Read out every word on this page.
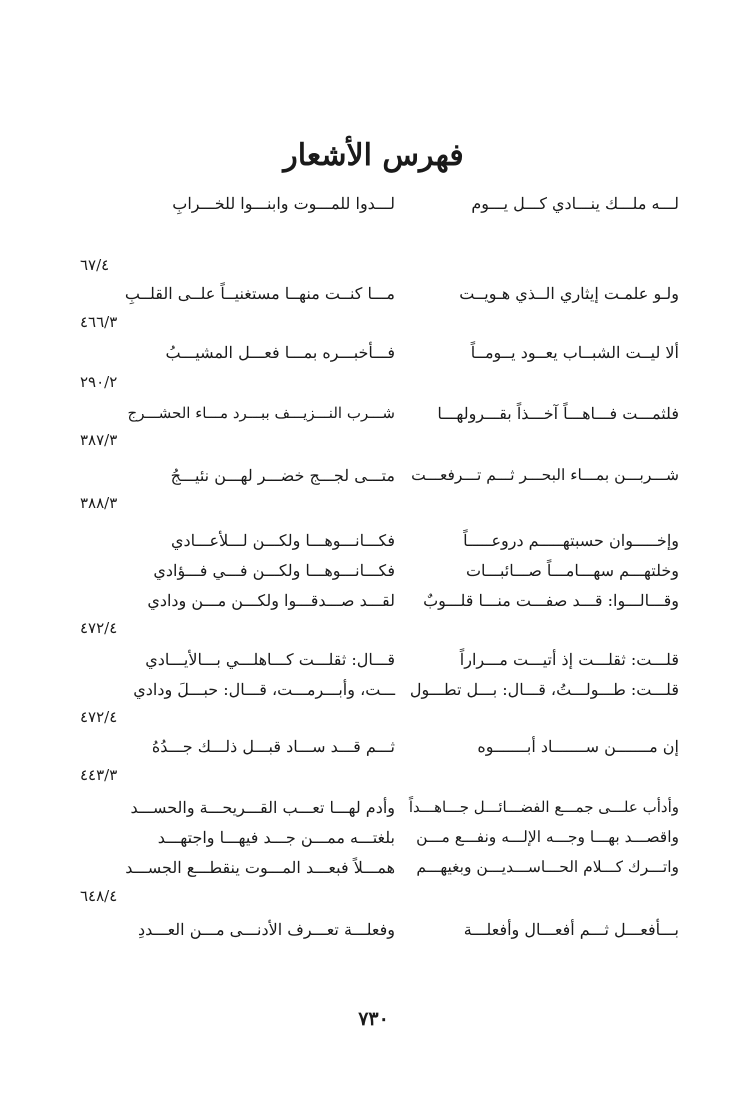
فهرس الأشعار
لـــه ملـــك ينـــادي كـــل يـــوم
لـــدوا للمـــوت وابنـــوا للخـــرابِ
٦٧/٤
ولـو علمـت إيثاري الــذي هـويــت
مـــا كنــت منهــا مستغنيــاً علــى القلــبِ
٤٦٦/٣
ألا ليــت الشبــاب يعــود يــومــاً
فـــأخبـــره بمـــا فعـــل المشيـــبُ
٢٩٠/٢
فلثمـــت فـــاهـــاً آخـــذاً بقـــرولهـــا
شـــرب النـــزيـــف ببـــرد مـــاء الحشـــرج
٣٨٧/٣
شـــربـــن بمـــاء البحـــر ثـــم تـــرفعـــت
متـــى لجـــج خضـــر لهـــن نئيـــجُ
٣٨٨/٣
وإخـــــوان حسبتهـــــم دروعـــــاً
فكـــانـــوهـــا ولكـــن لـــلأعـــادي
وخلتهـــم سهـــامـــاً صـــائبـــات
فكـــانـــوهـــا ولكـــن فـــي فـــؤادي
وقـــالـــوا: قـــد صفـــت منـــا قلـــوبٌ
لقـــد صـــدقـــوا ولكـــن مـــن ودادي
٤٧٢/٤
قلـــت: ثقلـــت إذ أتيـــت مـــراراً
قـــال: ثقلـــت كـــاهلـــي بـــالأيـــادي
قلـــت: طـــولـــتُ، قـــال: بـــل تطـــول
ـــت، وأبـــرمـــت، قـــال: حبـــلَ ودادي
٤٧٢/٤
إن مـــــــن ســـــــاد أبـــــــوه
ثـــم قـــد ســـاد قبـــل ذلـــك جـــدُهُ
٤٤٣/٣
وأدأب علـــى جمـــع الفضـــائـــل جـــاهـــداً
وأدم لهـــا تعـــب القـــريحـــة والحســـد
واقصـــد بهـــا وجـــه الإلـــه ونفـــع مـــن
بلغتـــه ممـــن جـــد فيهـــا واجتهـــد
واتـــرك كـــلام الحـــاســـديـــن وبغيهـــم
همـــلاً فبعـــد المـــوت ينقطـــع الجســـد
٦٤٨/٤
بـــأفعـــل ثـــم أفعـــال وأفعلـــة
وفعلـــة تعـــرف الأدنـــى مـــن العـــددِ
٧٣٠
